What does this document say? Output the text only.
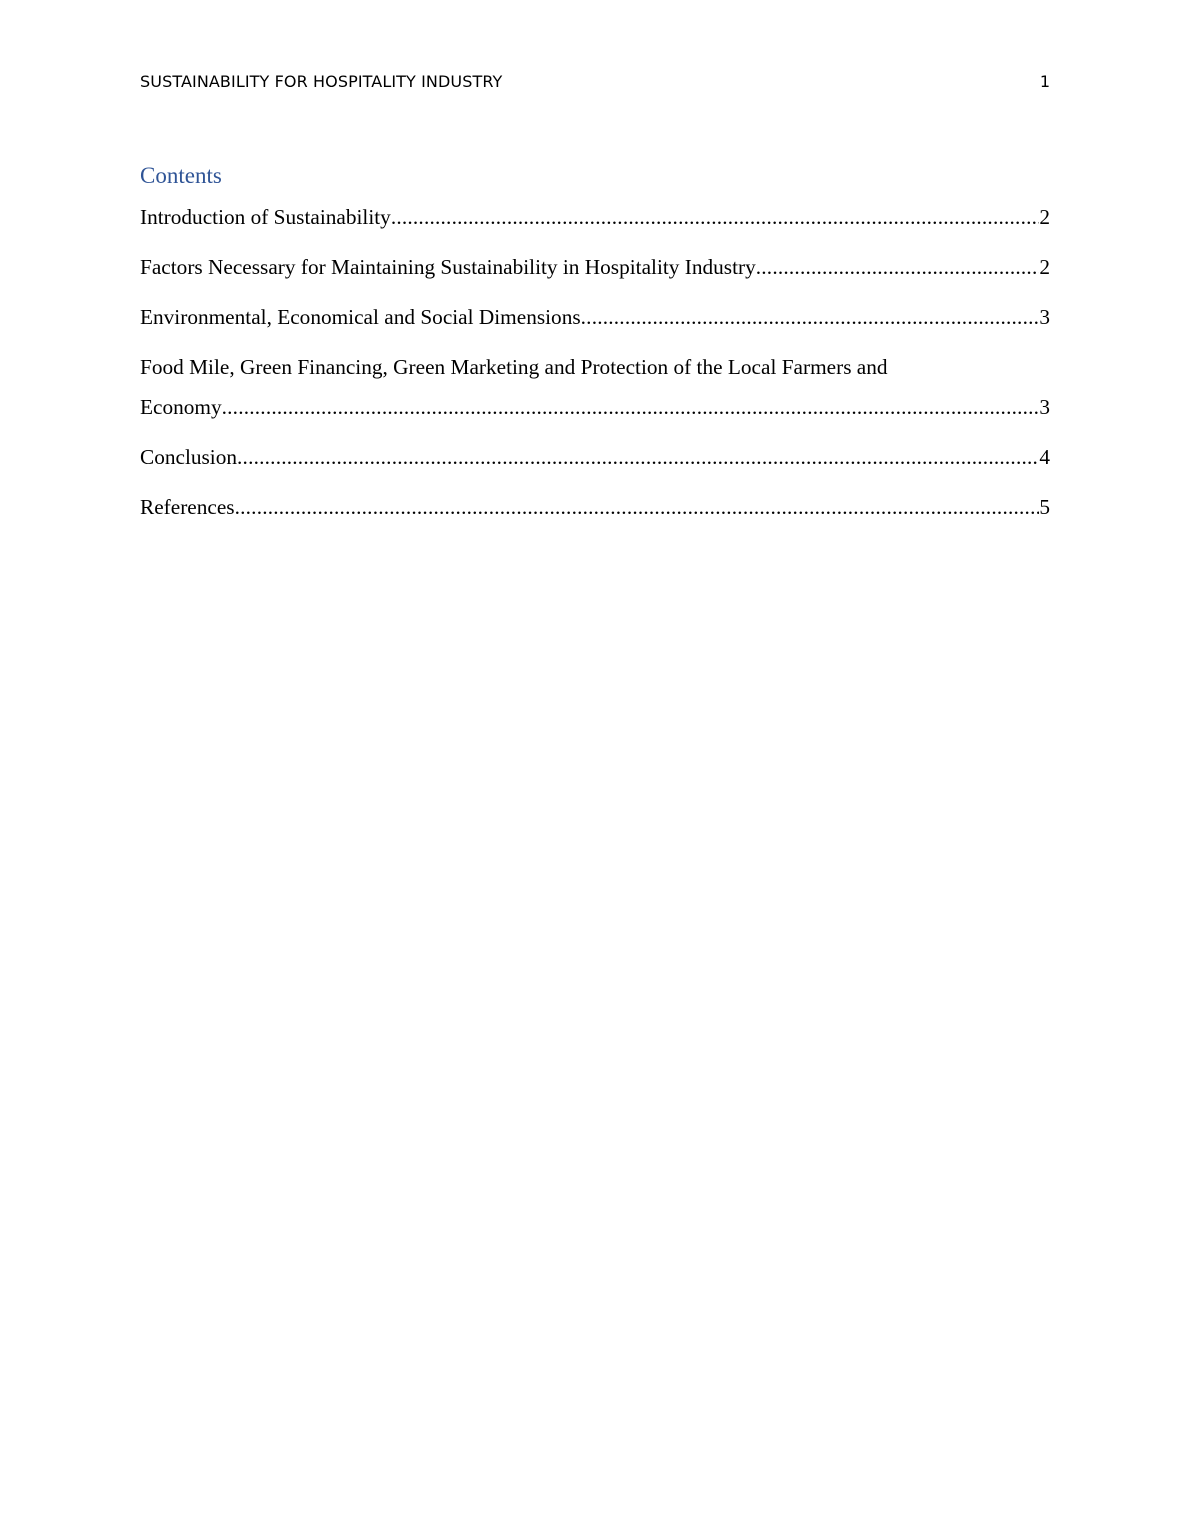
SUSTAINABILITY FOR HOSPITALITY INDUSTRY	1
Contents
Introduction of Sustainability .....	2
Factors Necessary for Maintaining Sustainability in Hospitality Industry .....	2
Environmental, Economical and Social Dimensions .....	3
Food Mile, Green Financing, Green Marketing and Protection of the Local Farmers and
Economy .....	3
Conclusion .....	4
References .....	5
